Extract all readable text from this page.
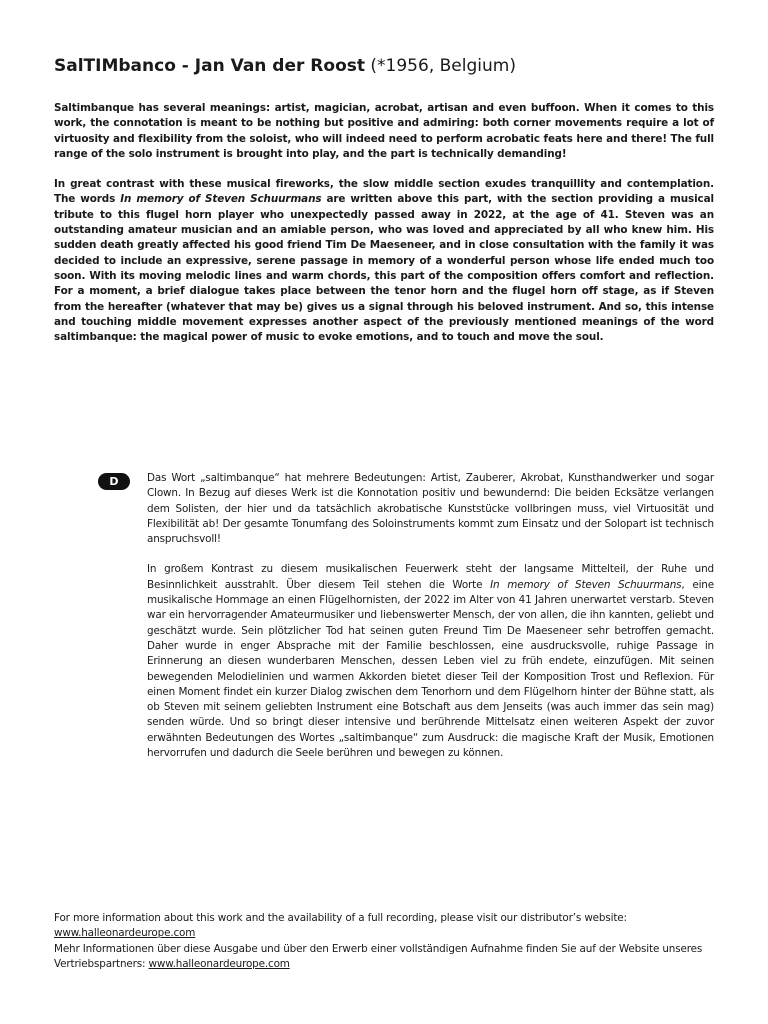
SalTIMbanco - Jan Van der Roost (*1956, Belgium)

Saltimbanque has several meanings: artist, magician, acrobat, artisan and even buffoon. When it comes to this work, the connotation is meant to be nothing but positive and admiring: both corner movements require a lot of virtuosity and flexibility from the soloist, who will indeed need to perform acrobatic feats here and there! The full range of the solo instrument is brought into play, and the part is technically demanding!

In great contrast with these musical fireworks, the slow middle section exudes tranquillity and contemplation. The words In memory of Steven Schuurmans are written above this part, with the section providing a musical tribute to this flugel horn player who unexpectedly passed away in 2022, at the age of 41. Steven was an outstanding amateur musician and an amiable person, who was loved and appreciated by all who knew him. His sudden death greatly affected his good friend Tim De Maeseneer, and in close consultation with the family it was decided to include an expressive, serene passage in memory of a wonderful person whose life ended much too soon. With its moving melodic lines and warm chords, this part of the composition offers comfort and reflection. For a moment, a brief dialogue takes place between the tenor horn and the flugel horn off stage, as if Steven from the hereafter (whatever that may be) gives us a signal through his beloved instrument. And so, this intense and touching middle movement expresses another aspect of the previously mentioned meanings of the word saltimbanque: the magical power of music to evoke emotions, and to touch and move the soul.

D	Das Wort „saltimbanque“ hat mehrere Bedeutungen: Artist, Zauberer, Akrobat, Kunsthandwerker und sogar Clown. In Bezug auf dieses Werk ist die Konnotation positiv und bewundernd: Die beiden Ecksätze verlangen dem Solisten, der hier und da tatsächlich akrobatische Kunststücke vollbringen muss, viel Virtuosität und Flexibilität ab! Der gesamte Tonumfang des Soloinstruments kommt zum Einsatz und der Solopart ist technisch anspruchsvoll!

In großem Kontrast zu diesem musikalischen Feuerwerk steht der langsame Mittelteil, der Ruhe und Besinnlichkeit ausstrahlt. Über diesem Teil stehen die Worte In memory of Steven Schuurmans, eine musikalische Hommage an einen Flügelhornisten, der 2022 im Alter von 41 Jahren unerwartet verstarb. Steven war ein hervorragender Amateurmusiker und liebenswerter Mensch, der von allen, die ihn kannten, geliebt und geschätzt wurde. Sein plötzlicher Tod hat seinen guten Freund Tim De Maeseneer sehr betroffen gemacht. Daher wurde in enger Absprache mit der Familie beschlossen, eine ausdrucksvolle, ruhige Passage in Erinnerung an diesen wunderbaren Menschen, dessen Leben viel zu früh endete, einzufügen. Mit seinen bewegenden Melodielinien und warmen Akkorden bietet dieser Teil der Komposition Trost und Reflexion. Für einen Moment findet ein kurzer Dialog zwischen dem Tenorhorn und dem Flügelhorn hinter der Bühne statt, als ob Steven mit seinem geliebten Instrument eine Botschaft aus dem Jenseits (was auch immer das sein mag) senden würde. Und so bringt dieser intensive und berührende Mittelsatz einen weiteren Aspekt der zuvor erwähnten Bedeutungen des Wortes „saltimbanque“ zum Ausdruck: die magische Kraft der Musik, Emotionen hervorrufen und dadurch die Seele berühren und bewegen zu können.

For more information about this work and the availability of a full recording, please visit our distributor’s website:
www.halleonardeurope.com
Mehr Informationen über diese Ausgabe und über den Erwerb einer vollständigen Aufnahme finden Sie auf der Website unseres
Vertriebspartners: www.halleonardeurope.com
